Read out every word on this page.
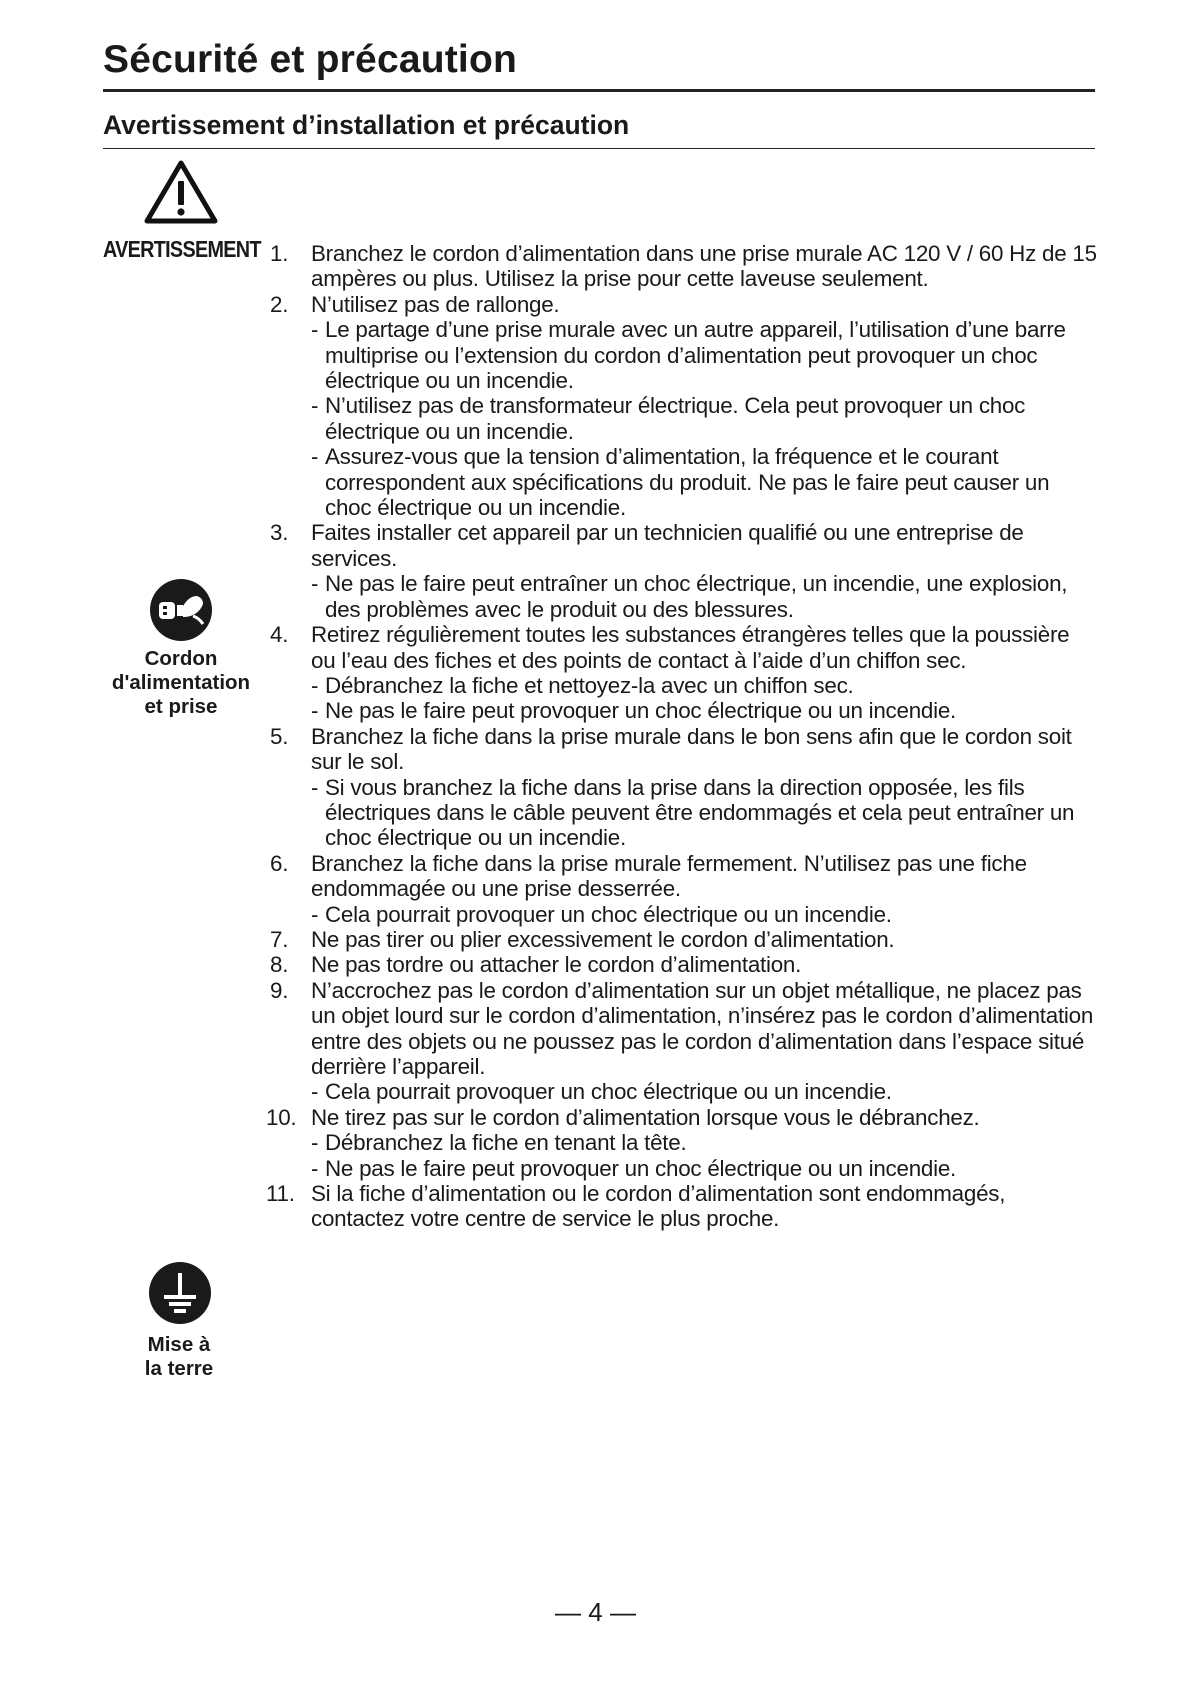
Sécurité et précaution
Avertissement d’installation et précaution
AVERTISSEMENT
Cordon
d'alimentation
et prise
Mise à
la terre
1. Branchez le cordon d’alimentation dans une prise murale AC 120 V / 60 Hz de 15 ampères ou plus. Utilisez la prise pour cette laveuse seulement.
2. N’utilisez pas de rallonge.
- Le partage d’une prise murale avec un autre appareil, l’utilisation d’une barre multiprise ou l’extension du cordon d’alimentation peut provoquer un choc électrique ou un incendie.
- N’utilisez pas de transformateur électrique. Cela peut provoquer un choc électrique ou un incendie.
- Assurez-vous que la tension d’alimentation, la fréquence et le courant correspondent aux spécifications du produit. Ne pas le faire peut causer un choc électrique ou un incendie.
3. Faites installer cet appareil par un technicien qualifié ou une entreprise de services.
- Ne pas le faire peut entraîner un choc électrique, un incendie, une explosion, des problèmes avec le produit ou des blessures.
4. Retirez régulièrement toutes les substances étrangères telles que la poussière ou l’eau des fiches et des points de contact à l’aide d’un chiffon sec.
- Débranchez la fiche et nettoyez-la avec un chiffon sec.
- Ne pas le faire peut provoquer un choc électrique ou un incendie.
5. Branchez la fiche dans la prise murale dans le bon sens afin que le cordon soit sur le sol.
- Si vous branchez la fiche dans la prise dans la direction opposée, les fils électriques dans le câble peuvent être endommagés et cela peut entraîner un choc électrique ou un incendie.
6. Branchez la fiche dans la prise murale fermement. N’utilisez pas une fiche endommagée ou une prise desserrée.
- Cela pourrait provoquer un choc électrique ou un incendie.
7. Ne pas tirer ou plier excessivement le cordon d’alimentation.
8. Ne pas tordre ou attacher le cordon d’alimentation.
9. N’accrochez pas le cordon d’alimentation sur un objet métallique, ne placez pas un objet lourd sur le cordon d’alimentation, n’insérez pas le cordon d’alimentation entre des objets ou ne poussez pas le cordon d’alimentation dans l’espace situé derrière l’appareil.
- Cela pourrait provoquer un choc électrique ou un incendie.
10. Ne tirez pas sur le cordon d’alimentation lorsque vous le débranchez.
- Débranchez la fiche en tenant la tête.
- Ne pas le faire peut provoquer un choc électrique ou un incendie.
11. Si la fiche d’alimentation ou le cordon d’alimentation sont endommagés, contactez votre centre de service le plus proche.
— 4 —
